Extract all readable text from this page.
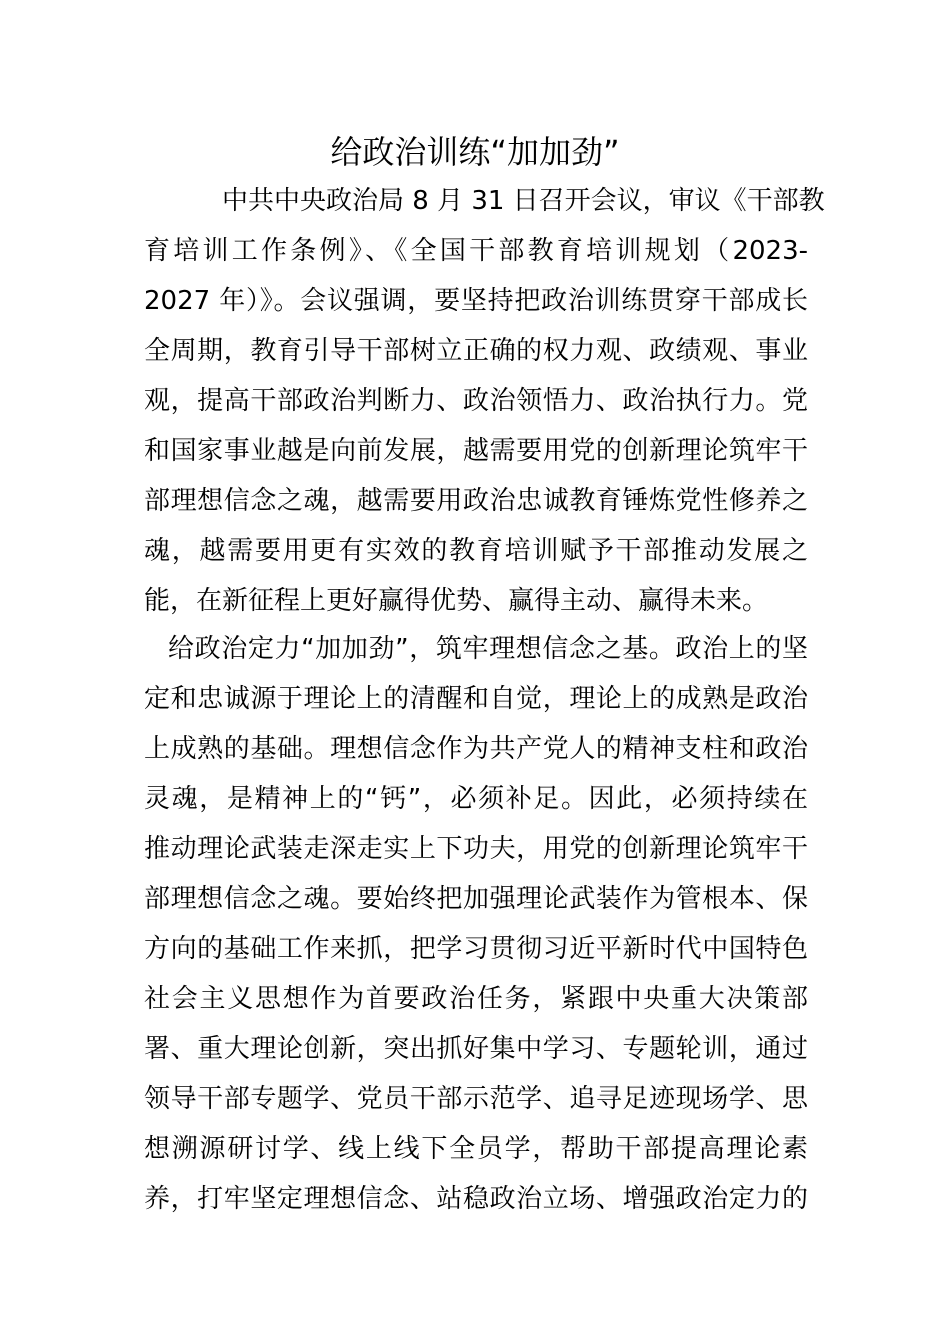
给政治训练“加加劲”
中共中央政治局 8 月 31 日召开会议，审议《干部教
育培训工作条例》、《全国干部教育培训规划（2023-
2027 年）》。会议强调，要坚持把政治训练贯穿干部成长
全周期，教育引导干部树立正确的权力观、政绩观、事业
观，提高干部政治判断力、政治领悟力、政治执行力。党
和国家事业越是向前发展，越需要用党的创新理论筑牢干
部理想信念之魂，越需要用政治忠诚教育锤炼党性修养之
魂，越需要用更有实效的教育培训赋予干部推动发展之
能，在新征程上更好赢得优势、赢得主动、赢得未来。
给政治定力“加加劲”，筑牢理想信念之基。政治上的坚
定和忠诚源于理论上的清醒和自觉，理论上的成熟是政治
上成熟的基础。理想信念作为共产党人的精神支柱和政治
灵魂，是精神上的“钙”，必须补足。因此，必须持续在
推动理论武装走深走实上下功夫，用党的创新理论筑牢干
部理想信念之魂。要始终把加强理论武装作为管根本、保
方向的基础工作来抓，把学习贯彻习近平新时代中国特色
社会主义思想作为首要政治任务，紧跟中央重大决策部
署、重大理论创新，突出抓好集中学习、专题轮训，通过
领导干部专题学、党员干部示范学、追寻足迹现场学、思
想溯源研讨学、线上线下全员学，帮助干部提高理论素
养，打牢坚定理想信念、站稳政治立场、增强政治定力的
